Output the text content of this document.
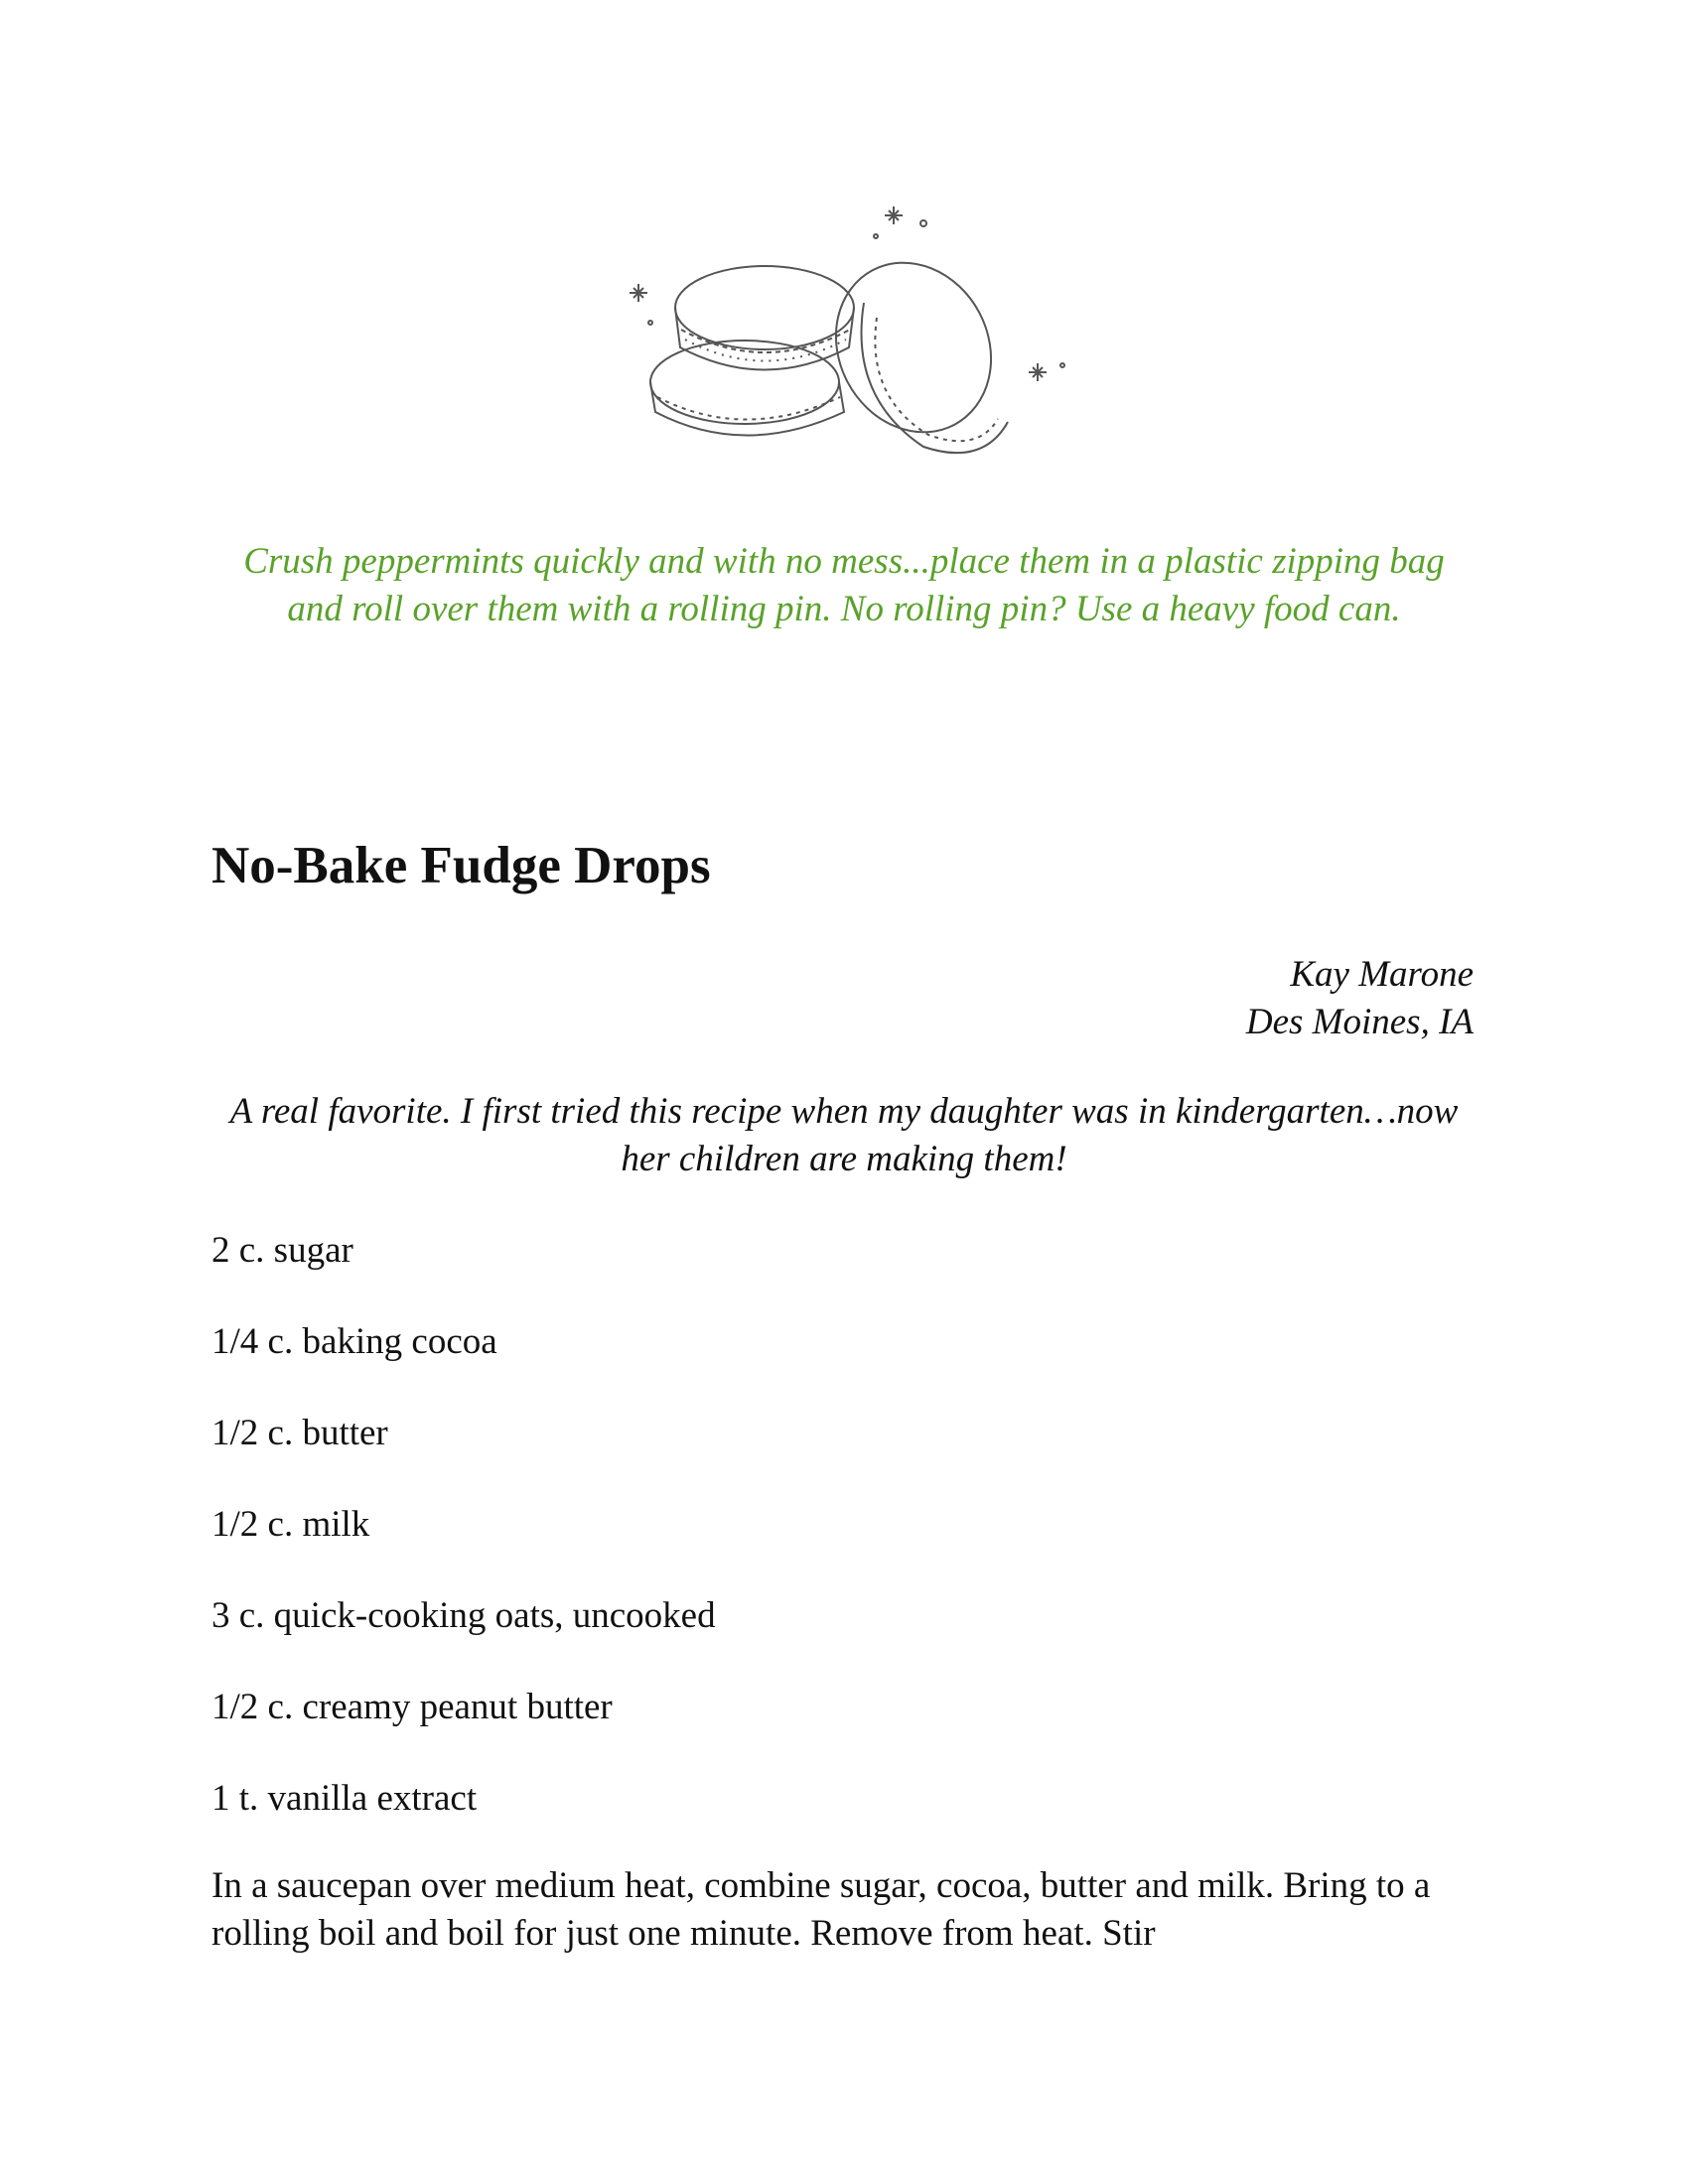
Crush peppermints quickly and with no mess...place them in a plastic zipping bag and roll over them with a rolling pin. No rolling pin? Use a heavy food can.
No-Bake Fudge Drops
Kay Marone
Des Moines, IA
A real favorite. I first tried this recipe when my daughter was in kindergarten…now her children are making them!
2 c. sugar
1/4 c. baking cocoa
1/2 c. butter
1/2 c. milk
3 c. quick-cooking oats, uncooked
1/2 c. creamy peanut butter
1 t. vanilla extract
In a saucepan over medium heat, combine sugar, cocoa, butter and milk. Bring to a rolling boil and boil for just one minute. Remove from heat. Stir
